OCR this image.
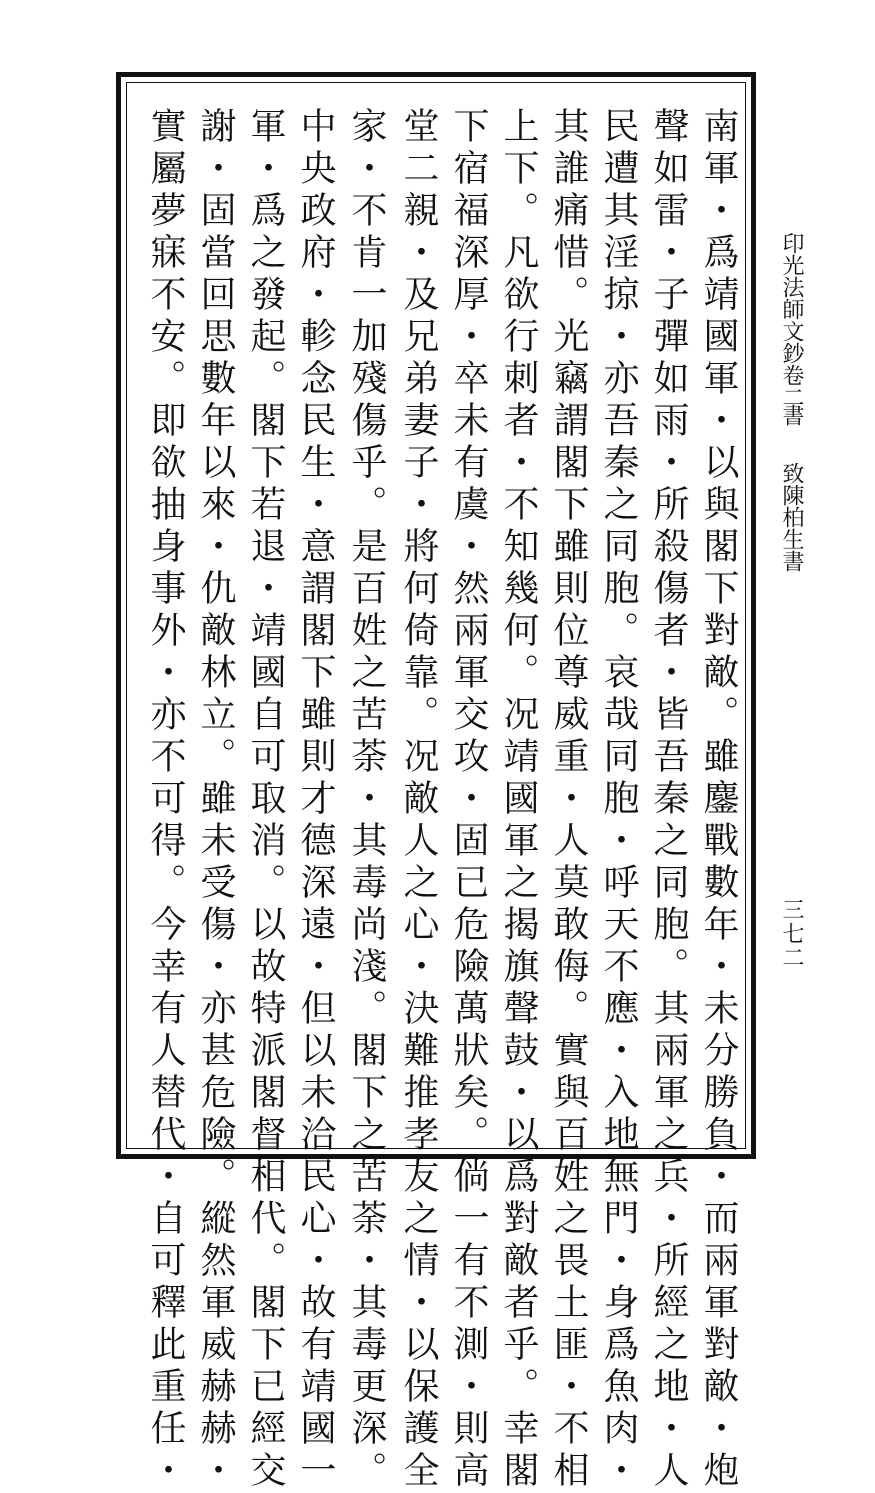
印光法師文鈔卷二
書
致陳柏生書
三七二
南軍・爲靖國軍・以與閣下對敵。雖鏖戰數年・未分勝負・而兩軍對敵・炮
聲如雷・子彈如雨・所殺傷者・皆吾秦之同胞。其兩軍之兵・所經之地・人
民遭其淫掠・亦吾秦之同胞。哀哉同胞・呼天不應・入地無門・身爲魚肉・
其誰痛惜。光竊謂閣下雖則位尊威重・人莫敢侮。實與百姓之畏土匪・不相
上下。凡欲行刺者・不知幾何。况靖國軍之揭旗聲鼓・以爲對敵者乎。幸閣
下宿福深厚・卒未有虞・然兩軍交攻・固已危險萬狀矣。倘一有不測・則高
堂二親・及兄弟妻子・將何倚靠。况敵人之心・決難推孝友之情・以保護全
家・不肯一加殘傷乎。是百姓之苦荼・其毒尚淺。閣下之苦荼・其毒更深。
中央政府・軫念民生・意謂閣下雖則才德深遠・但以未洽民心・故有靖國一
軍・爲之發起。閣下若退・靖國自可取消。以故特派閣督相代。閣下已經交
謝・固當回思數年以來・仇敵林立。雖未受傷・亦甚危險。縱然軍威赫赫・
實屬夢寐不安。即欲抽身事外・亦不可得。今幸有人替代・自可釋此重任・
